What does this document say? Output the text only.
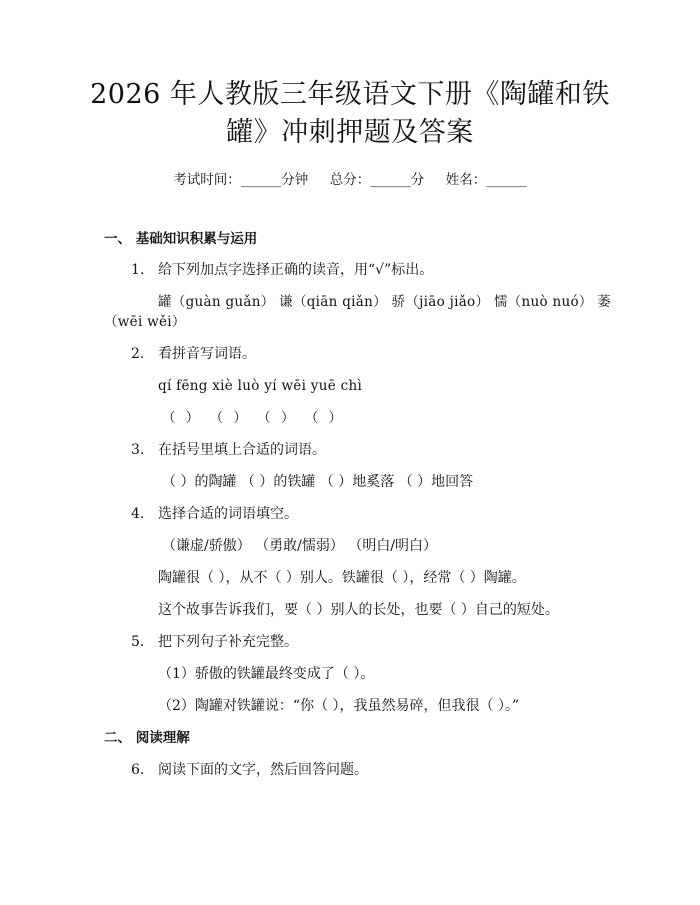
2026 年人教版三年级语文下册《陶罐和铁
罐》冲刺押题及答案
考试时间：______分钟     总分：______分     姓名：______
一、 基础知识积累与运用
1. 给下列加点字选择正确的读音，用“√”标出。
罐（guàn guǎn） 谦（qiān qiǎn） 骄（jiāo jiǎo） 懦（nuò nuó） 萎
（wēi wěi）
2. 看拼音写词语。
qí fēng xiè luò yí wēi yuē chì
（ ） （ ） （ ） （ ）
3. 在括号里填上合适的词语。
（ ）的陶罐 （ ）的铁罐 （ ）地奚落 （ ）地回答
4. 选择合适的词语填空。
（谦虚/骄傲） （勇敢/懦弱） （明白/明白）
陶罐很（ ），从不（ ）别人。铁罐很（ ），经常（ ）陶罐。
这个故事告诉我们，要（ ）别人的长处，也要（ ）自己的短处。
5. 把下列句子补充完整。
（1）骄傲的铁罐最终变成了（ ）。
（2）陶罐对铁罐说：“你（ ），我虽然易碎，但我很（ ）。”
二、 阅读理解
6. 阅读下面的文字，然后回答问题。
